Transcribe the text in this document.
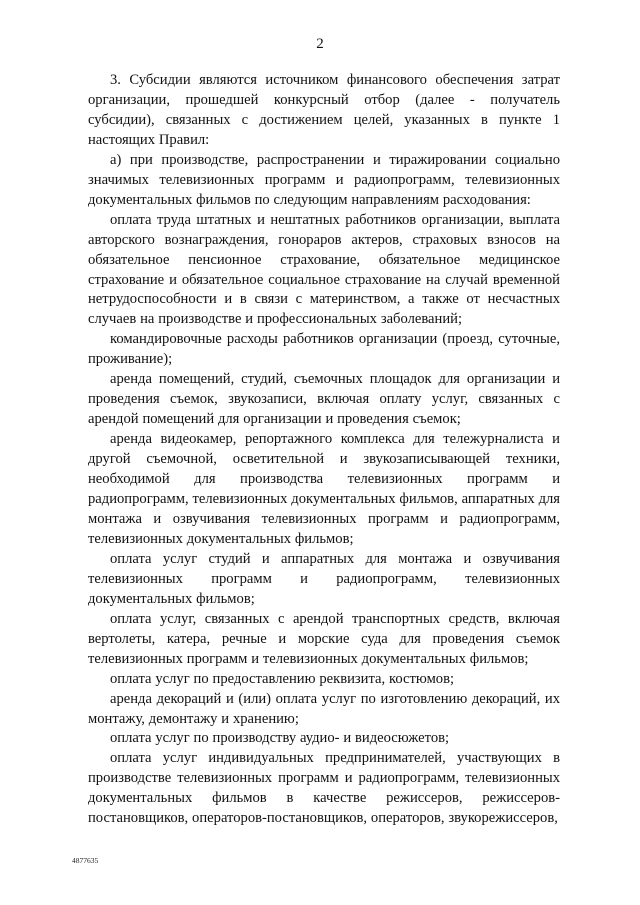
2

3. Субсидии являются источником финансового обеспечения затрат организации, прошедшей конкурсный отбор (далее - получатель субсидии), связанных с достижением целей, указанных в пункте 1 настоящих Правил:

а) при производстве, распространении и тиражировании социально значимых телевизионных программ и радиопрограмм, телевизионных документальных фильмов по следующим направлениям расходования:

оплата труда штатных и нештатных работников организации, выплата авторского вознаграждения, гонораров актеров, страховых взносов на обязательное пенсионное страхование, обязательное медицинское страхование и обязательное социальное страхование на случай временной нетрудоспособности и в связи с материнством, а также от несчастных случаев на производстве и профессиональных заболеваний;

командировочные расходы работников организации (проезд, суточные, проживание);

аренда помещений, студий, съемочных площадок для организации и проведения съемок, звукозаписи, включая оплату услуг, связанных с арендой помещений для организации и проведения съемок;

аренда видеокамер, репортажного комплекса для тележурналиста и другой съемочной, осветительной и звукозаписывающей техники, необходимой для производства телевизионных программ и радиопрограмм, телевизионных документальных фильмов, аппаратных для монтажа и озвучивания телевизионных программ и радиопрограмм, телевизионных документальных фильмов;

оплата услуг студий и аппаратных для монтажа и озвучивания телевизионных программ и радиопрограмм, телевизионных документальных фильмов;

оплата услуг, связанных с арендой транспортных средств, включая вертолеты, катера, речные и морские суда для проведения съемок телевизионных программ и телевизионных документальных фильмов;

оплата услуг по предоставлению реквизита, костюмов;

аренда декораций и (или) оплата услуг по изготовлению декораций, их монтажу, демонтажу и хранению;

оплата услуг по производству аудио- и видеосюжетов;

оплата услуг индивидуальных предпринимателей, участвующих в производстве телевизионных программ и радиопрограмм, телевизионных документальных фильмов в качестве режиссеров, режиссеров-постановщиков, операторов-постановщиков, операторов, звукорежиссеров,

4877635
